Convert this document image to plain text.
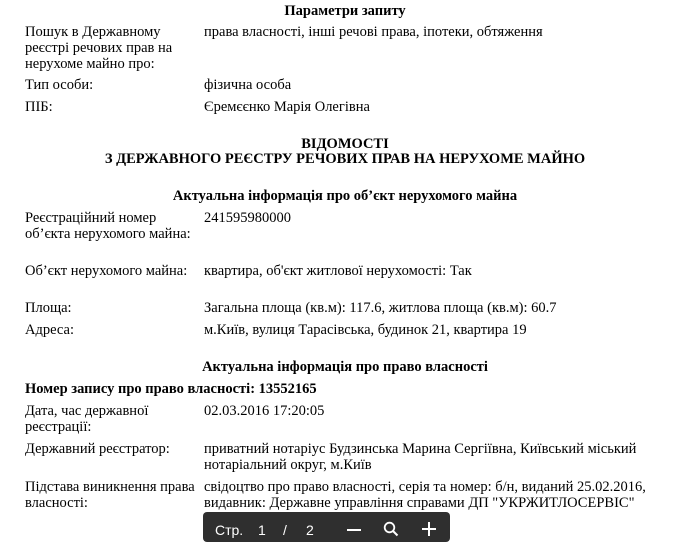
Параметри запиту
Пошук в Державному реєстрі речових прав на нерухоме майно про:
права власності, інші речові права, іпотеки, обтяження
Тип особи:	фізична особа
ПІБ:	Єремєєнко Марія Олегівна
ВІДОМОСТІ
З ДЕРЖАВНОГО РЕЄСТРУ РЕЧОВИХ ПРАВ НА НЕРУХОМЕ МАЙНО
Актуальна інформація про об’єкт нерухомого майна
Реєстраційний номер об’єкта нерухомого майна:
241595980000
Об’єкт нерухомого майна:	квартира, об'єкт житлової нерухомості: Так
Площа:	Загальна площа (кв.м): 117.6, житлова площа (кв.м): 60.7
Адреса:	м.Київ, вулиця Тарасівська, будинок 21, квартира 19
Актуальна інформація про право власності
Номер запису про право власності: 13552165
Дата, час державної реєстрації:
02.03.2016 17:20:05
Державний реєстратор:	приватний нотаріус Будзинська Марина Сергіївна, Київський міський нотаріальний округ, м.Київ
Підстава виникнення права власності:
свідоцтво про право власності, серія та номер: б/н, виданий 25.02.2016, видавник: Державне управління справами ДП "УКРЖИТЛОСЕРВІС"
Стр. 1 / 2
